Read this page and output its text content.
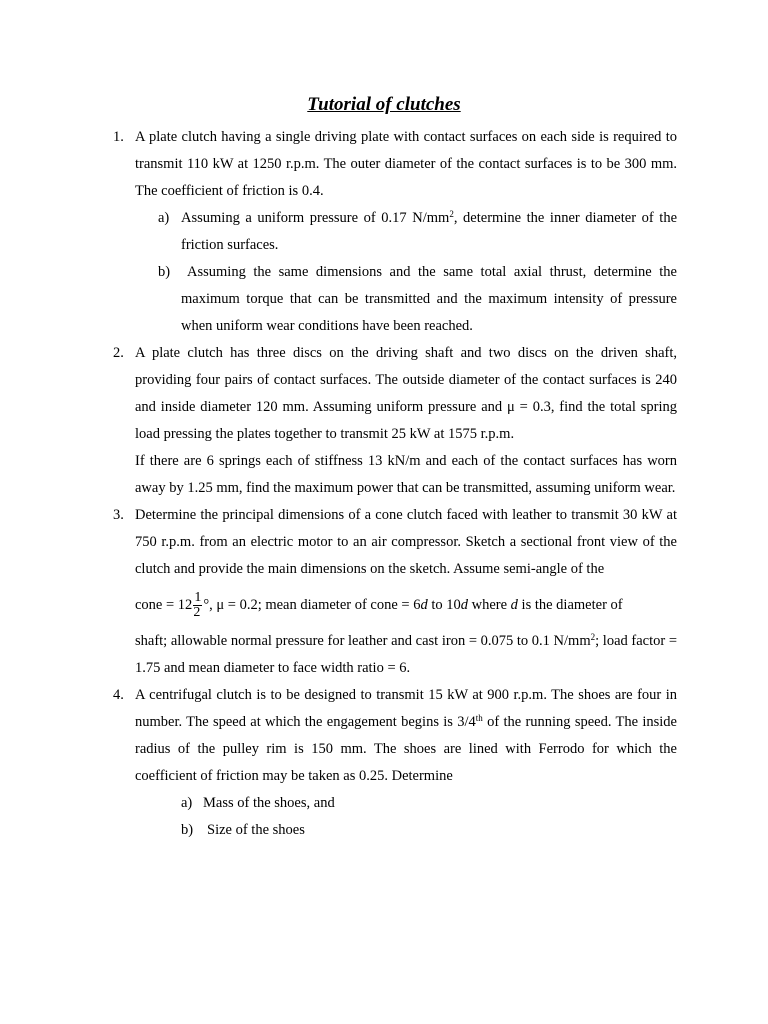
Tutorial of clutches
1. A plate clutch having a single driving plate with contact surfaces on each side is required to transmit 110 kW at 1250 r.p.m. The outer diameter of the contact surfaces is to be 300 mm. The coefficient of friction is 0.4.
a) Assuming a uniform pressure of 0.17 $N/mm^2$, determine the inner diameter of the friction surfaces.
b)	Assuming the same dimensions and the same total axial thrust, determine the maximum torque that can be transmitted and the maximum intensity of pressure when uniform wear conditions have been reached.
2. A plate clutch has three discs on the driving shaft and two discs on the driven shaft, providing four pairs of contact surfaces. The outside diameter of the contact surfaces is 240 and inside diameter 120 mm. Assuming uniform pressure and μ = 0.3, find the total spring load pressing the plates together to transmit 25 kW at 1575 r.p.m.
If there are 6 springs each of stiffness 13 kN/m and each of the contact surfaces has worn away by 1.25 mm, find the maximum power that can be transmitted, assuming uniform wear.
3. Determine the principal dimensions of a cone clutch faced with leather to transmit 30 kW at 750 r.p.m. from an electric motor to an air compressor. Sketch a sectional front view of the clutch and provide the main dimensions on the sketch. Assume semi-angle of the
cone = $12 \frac{1}{2}$ °, μ = 0.2; mean diameter of cone = 6d to 10d where d is the diameter of
shaft; allowable normal pressure for leather and cast iron = 0.075 to 0.1 $N/mm^2$; load factor = 1.75 and mean diameter to face width ratio = 6.
4. A centrifugal clutch is to be designed to transmit 15 kW at 900 r.p.m. The shoes are four in number. The speed at which the engagement begins is 3/4th of the running speed. The inside radius of the pulley rim is 150 mm. The shoes are lined with Ferrodo for which the coefficient of friction may be taken as 0.25. Determine
a) Mass of the shoes, and
b) Size of the shoes
